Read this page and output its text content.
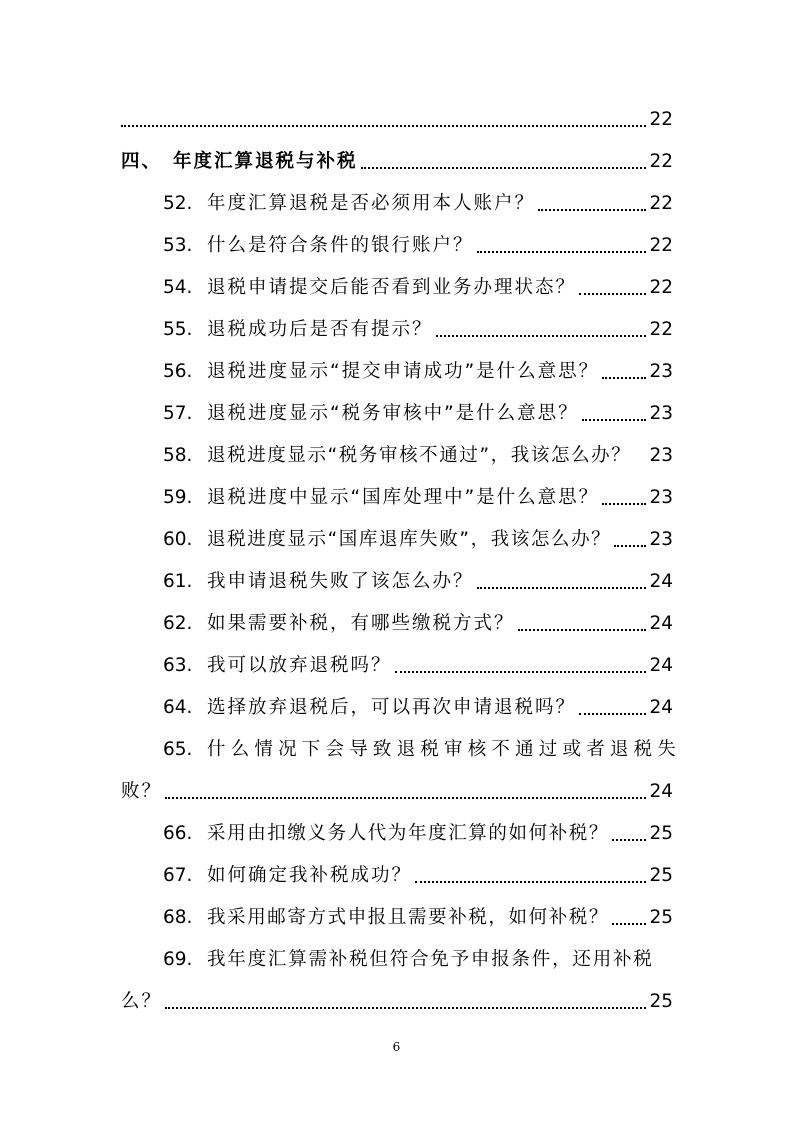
22
四、 年度汇算退税与补税	22
52. 年度汇算退税是否必须用本人账户？	22
53. 什么是符合条件的银行账户？	22
54. 退税申请提交后能否看到业务办理状态？	22
55. 退税成功后是否有提示？	22
56. 退税进度显示“提交申请成功”是什么意思？	23
57. 退税进度显示“税务审核中”是什么意思？	23
58. 退税进度显示“税务审核不通过”，我该怎么办？ 23
59. 退税进度中显示“国库处理中”是什么意思？	23
60. 退税进度显示“国库退库失败”，我该怎么办？ 23
61. 我申请退税失败了该怎么办？	24
62. 如果需要补税，有哪些缴税方式？	24
63. 我可以放弃退税吗？	24
64. 选择放弃退税后，可以再次申请退税吗？	24
65. 什么情况下会导致退税审核不通过或者退税失
败？	24
66. 采用由扣缴义务人代为年度汇算的如何补税？ 25
67. 如何确定我补税成功？	25
68. 我采用邮寄方式申报且需要补税，如何补税？ 25
69. 我年度汇算需补税但符合免予申报条件，还用补税
么？	25
6
